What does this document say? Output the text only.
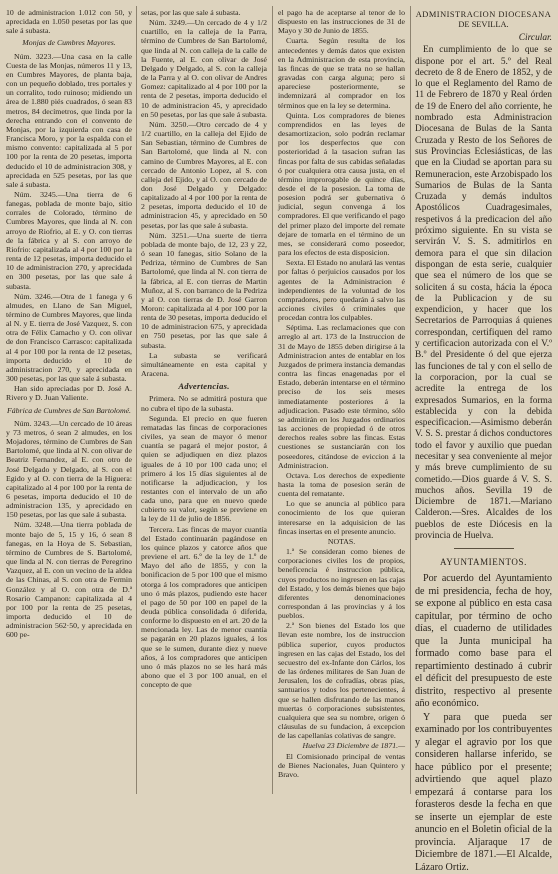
10 de administracion 1.012 con 50, y aprecidada en 1.050 pesetas por las que sale á subasta.

Monjas de Cumbres Mayores.

Núm. 3223.—Una casa en la calle Cuesta de las Monjas, números 11 y 13, en Cumbres Mayores, de planta baja, con un pequeño doblado, tres portales y un corralito, todo ruinoso; midiendo un área de 1.880 piés cuadrados, ó sean 83 metros, 84 decímetros, que linda por la derecha entrando con el convento de Monjas, por la izquierda con casa de Francisca Moro, y por la espalda con el mismo convento: capitalizada al 5 por 100 por la renta de 20 pesetas, importa deducido el 10 de administracion 308, y aprecidada en 525 pesetas, por las que sale á subasta.

Núm. 3245.—Una tierra de 6 fanegas, poblada de monte bajo, sitio corrales de Colorado, término de Cumbres Mayores, que linda al N. con arroyo de Riofrio, al E. y O. con tierras de la fábrica y al S. con arroyo de Riofrio: capitalizada al 4 por 100 por la renta de 12 pesetas, importa deducido el 10 de administracion 270, y aprecidada en 300 pesetas, por las que sale á subasta.

Núm. 3246.—Otra de 1 fanega y 6 almudes, en Llano de San Miguel, término de Cumbres Mayores, que linda al N. y E. tierra de José Vazquez, S. con otra de Félix Camacho y O. con olivar de don Francisco Carrasco: capitalizada al 4 por 100 por la renta de 12 pesetas, importa deducido el 10 de administracion 270, y aprecidada en 300 pesetas, por las que sale á subasta.

Han sido apreciadas por D. José A. Rivero y D. Juan Valiente.

Fábrica de Cumbres de San Bartolomé.

Núm. 3243.—Un cercado de 10 áreas y 73 metros, ó sean 2 almudes, en los Mojadores, término de Cumbres de San Bartolomé, que linda al N. con olivar de Beatriz Fernandez, al E. con otro de José Delgado y Delgado, al S. con el Egido y al O. con tierra de la Higuera: capitalizado al 4 por 100 por la renta de 6 pesetas, importa deducido el 10 de administracion 135, y aprecidado en 150 pesetas, por las que sale á subasta.

Núm. 3248.—Una tierra poblada de monte bajo de 5, 15 y 16, ó sean 8 fanegas, en la Hoya de S. Sebastian, término de Cumbres de S. Bartolomé, que linda al N. con tierras de Peregrino Vazquez, al E. con un vecino de la aldea de las Chinas, al S. con otra de Fermin González y al O. con otra de D.ª Rosario Campanon: capitalizada al 4 por 100 por la renta de 25 pesetas, importa deducido el 10 de administracion 562·50, y aprecidada en 600 pe-

setas, por las que sale á subasta.

Núm. 3249.—Un cercado de 4 y 1/2 cuartillo, en la calleja de la Parra, término de Cumbres de San Bartolomé, que linda al N. con calleja de la calle de la Fuente, al E. con olivar de José Delgado y Delgado, al S. con la calleja de la Parra y al O. con olivar de Andres Gomez: capitalizado al 4 por 100 por la renta de 2 pesetas, importa deducido el 10 de administracion 45, y aprecidado en 50 pesetas, por las que sale á subasta.

Núm. 3250.—Otro cercado de 4 y 1/2 cuartillo, en la calleja del Ejido de San Sebastian, término de Cumbres de San Bartolomé, que linda al N. con camino de Cumbres Mayores, al E. con cercado de Antonio Lopez, al S. con calleja del Ejido, y al O. con cercado de don José Delgado y Delgado: capitalizado al 4 por 100 por la renta de 2 pesetas, importa deducido el 10 de administracion 45, y aprecidado en 50 pesetas, por las que sale á subasta.

Núm. 3251.—Una suerte de tierra poblada de monte bajo, de 12, 23 y 22, ó sean 10 fanegas, sitio Solano de la Pedriza, término de Cumbres de San Bartolomé, que linda al N. con tierra de la fábrica, al E. con tierras de Martin Muñoz, al S. con barranco de la Pedriza y al O. con tierras de D. José Garron Moron: capitalizada al 4 por 100 por la renta de 30 pesetas, importa deducido el 10 de administracion 675, y aprecidada en 750 pesetas, por las que sale á subasta.

La subasta se verificará simultáneamente en esta capital y Aracena.

Advertencias.

Primera. No se admitirá postura que no cubra el tipo de la subasta.

Segunda. El precio en que fueren rematadas las fincas de corporaciones civiles, ya sean de mayor ó menor cuantía se pagará el mejor postor, á quien se adjudiquen en diez plazos iguales de á 10 por 100 cada uno; el primero á los 15 días siguientes al de notificarse la adjudicacion, y los restantes con el intervalo de un año cada uno, para que en nuevo quede cubierto su valor, según se previene en la ley de 11 de julio de 1856.

Tercera. Las fincas de mayor cuantía del Estado continuarán pagándose en los quince plazos y catorce años que previene el art. 6.º de la ley de 1.º de Mayo del año de 1855, y con la bonificacion de 5 por 100 que el mismo otorga á los compradores que anticipen uno ó más plazos, pudiendo este hacer el pago de 50 por 100 en papel de la deuda pública consolidada ó diferida, conforme lo dispuesto en el art. 20 de la mencionada ley. Las de menor cuantía se pagarán en 20 plazos iguales, á los que se le sumen, durante diez y nueve años, á los compradores que anticipen uno ó más plazos no se les hará más abono que el 3 por 100 anual, en el concepto de que

el pago ha de aceptarse al tenor de lo dispuesto en las instrucciones de 31 de Mayo y 30 de Junio de 1855.

Cuarta. Según resulta de los antecedentes y demás datos que existen en la Administracion de esta provincia, las fincas de que se trata no se hallan gravadas con carga alguna; pero si apareciese posteriormente, se indemnizará al comprador en los términos que en la ley se determina.

Quinta. Los compradores de bienes comprendidos en las leyes de desamortizacion, solo podrán reclamar por los desperfectos que con posterioridad á la tasacion sufran las fincas por falta de sus cabidas señaladas ó por cualquiera otra causa justa, en el término improrogable de quince días, desde el de la posesion. La toma de posesion podrá ser gubernativa ó judicial, segun convenga á los compradores. El que verificando el pago del primer plazo del importe del remate dejare de tomarla en el término de un mes, se considerará como poseedor, para los efectos de esta disposicion.

Sexta. El Estado no anulará las ventas por faltas ó perjuicios causados por los agentes de la Administracion é independientes de la voluntad de los compradores, pero quedarán á salvo las acciones civiles ó criminales que procedan contra los culpables.

Séptima. Las reclamaciones que con arreglo al art. 173 de la Instruccion de 31 de Mayo de 1855 deben dirigirse á la Administracion antes de entablar en los Juzgados de primera instancia demandas contra las fincas enagenadas por el Estado, deberán intentarse en el término preciso de los seis meses inmediatamente posteriores á la adjudicacion. Pasado este término, sólo se admitirán en los Juzgados ordinarios las acciones de propiedad ó de otros derechos reales sobre las fincas. Estas cuestiones se sustanciarán con los poseedores, citándose de eviccion á la Administracion.

Octava. Los derechos de expediente hasta la toma de posesion serán de cuenta del rematante.

Lo que se anuncia al público para conocimiento de los que quieran interesarse en la adquisicion de las fincas insertas en el presente anuncio.

NOTAS.

1.ª Se consideran como bienes de corporaciones civiles los de propios, beneficencia é instruccion pública, cuyos productos no ingresen en las cajas del Estado, y los demás bienes que bajo diferentes denominaciones correspondan á las provincias y á los pueblos.

2.ª Son bienes del Estado los que llevan este nombre, los de instruccion pública superior, cuyos productos ingresen en las cajas del Estado, los del secuestro del ex-Infante don Cárlos, los de las órdenes militares de San Juan de Jerusalen, los de cofradías, obras pías, santuarios y todos los pertenecientes, á que se hallen disfrutando de las manos muertas ó corporaciones subsistentes, cualquiera que sea su nombre, origen ó cláusulas de su fundacion, á excepcion de las capellanías colativas de sangre.

Huelva 23 Diciembre de 1871.—

El Comisionado principal de ventas de Bienes Nacionales, Juan Quintero y Bravo.

ADMINISTRACION DIOCESANA

DE SEVILLA.

Circular.

En cumplimiento de lo que se dispone por el art. 5.º del Real decreto de 8 de Enero de 1852, y de lo que el Reglamento del Ramo de 11 de Febrero de 1870 y Real órden de 19 de Enero del año corriente, he nombrado esta Administracion Diocesana de Bulas de la Santa Cruzada y Resto de los Señores de sus Provincias Eclesiásticas, de las que en la Ciudad se aportan para su Remuneracion, este Arzobispado los Sumarios de Bulas de la Santa Cruzada y demás indultos Apostólicos Cuadragesimales, respetivos á la predicacion del año próximo siguiente. En su vista se servirán V. S. S. admitirlos en demora para el que sin dilacion dispongan de esta serie, cualquier que sea el número de los que se soliciten á su costa, hácia la época de la Publicacion y de su expendicion, y hacer que los Secretarios de Parroquias á quienes correspondan, certifiquen del ramo y certificacion autorizada con el V.º B.º del Presidente ó del que ejerza las funciones de tal y con el sello de la corporacion, por la cual se acredite la entrega de los expresados Sumarios, en la forma establecida y con la debida especificacion.—Asimismo deberán V. S. S. prestar á dichos conductores todo el favor y auxilio que puedan necesitar y sea conveniente al mejor y más breve cumplimiento de su cometido.—Dios guarde á V. S. S. muchos años. Sevilla 19 de Diciembre de 1871.—Mariano Calderon.—Sres. Alcaldes de los pueblos de este Diócesis en la provincia de Huelva.

AYUNTAMIENTOS.

Por acuerdo del Ayuntamiento de mi presidencia, fecha de hoy, se expone al público en esta casa capitular, por término de ocho días, el cuaderno de utilidades que la Junta municipal ha formado como base para el repartimiento destinado á cubrir el déficit del presupuesto de este distrito, respectivo al presente año económico.

Y para que pueda ser examinado por los contribuyentes y alegar el agravio por los que consideren hallarse inferido, se hace público por el presente; advirtiendo que aquel plazo empezará á contarse para los forasteros desde la fecha en que se inserte un ejemplar de este anuncio en el Boletin oficial de la provincia. Aljaraque 17 de Diciembre de 1871.—El Alcalde, Lázaro Ortiz.
